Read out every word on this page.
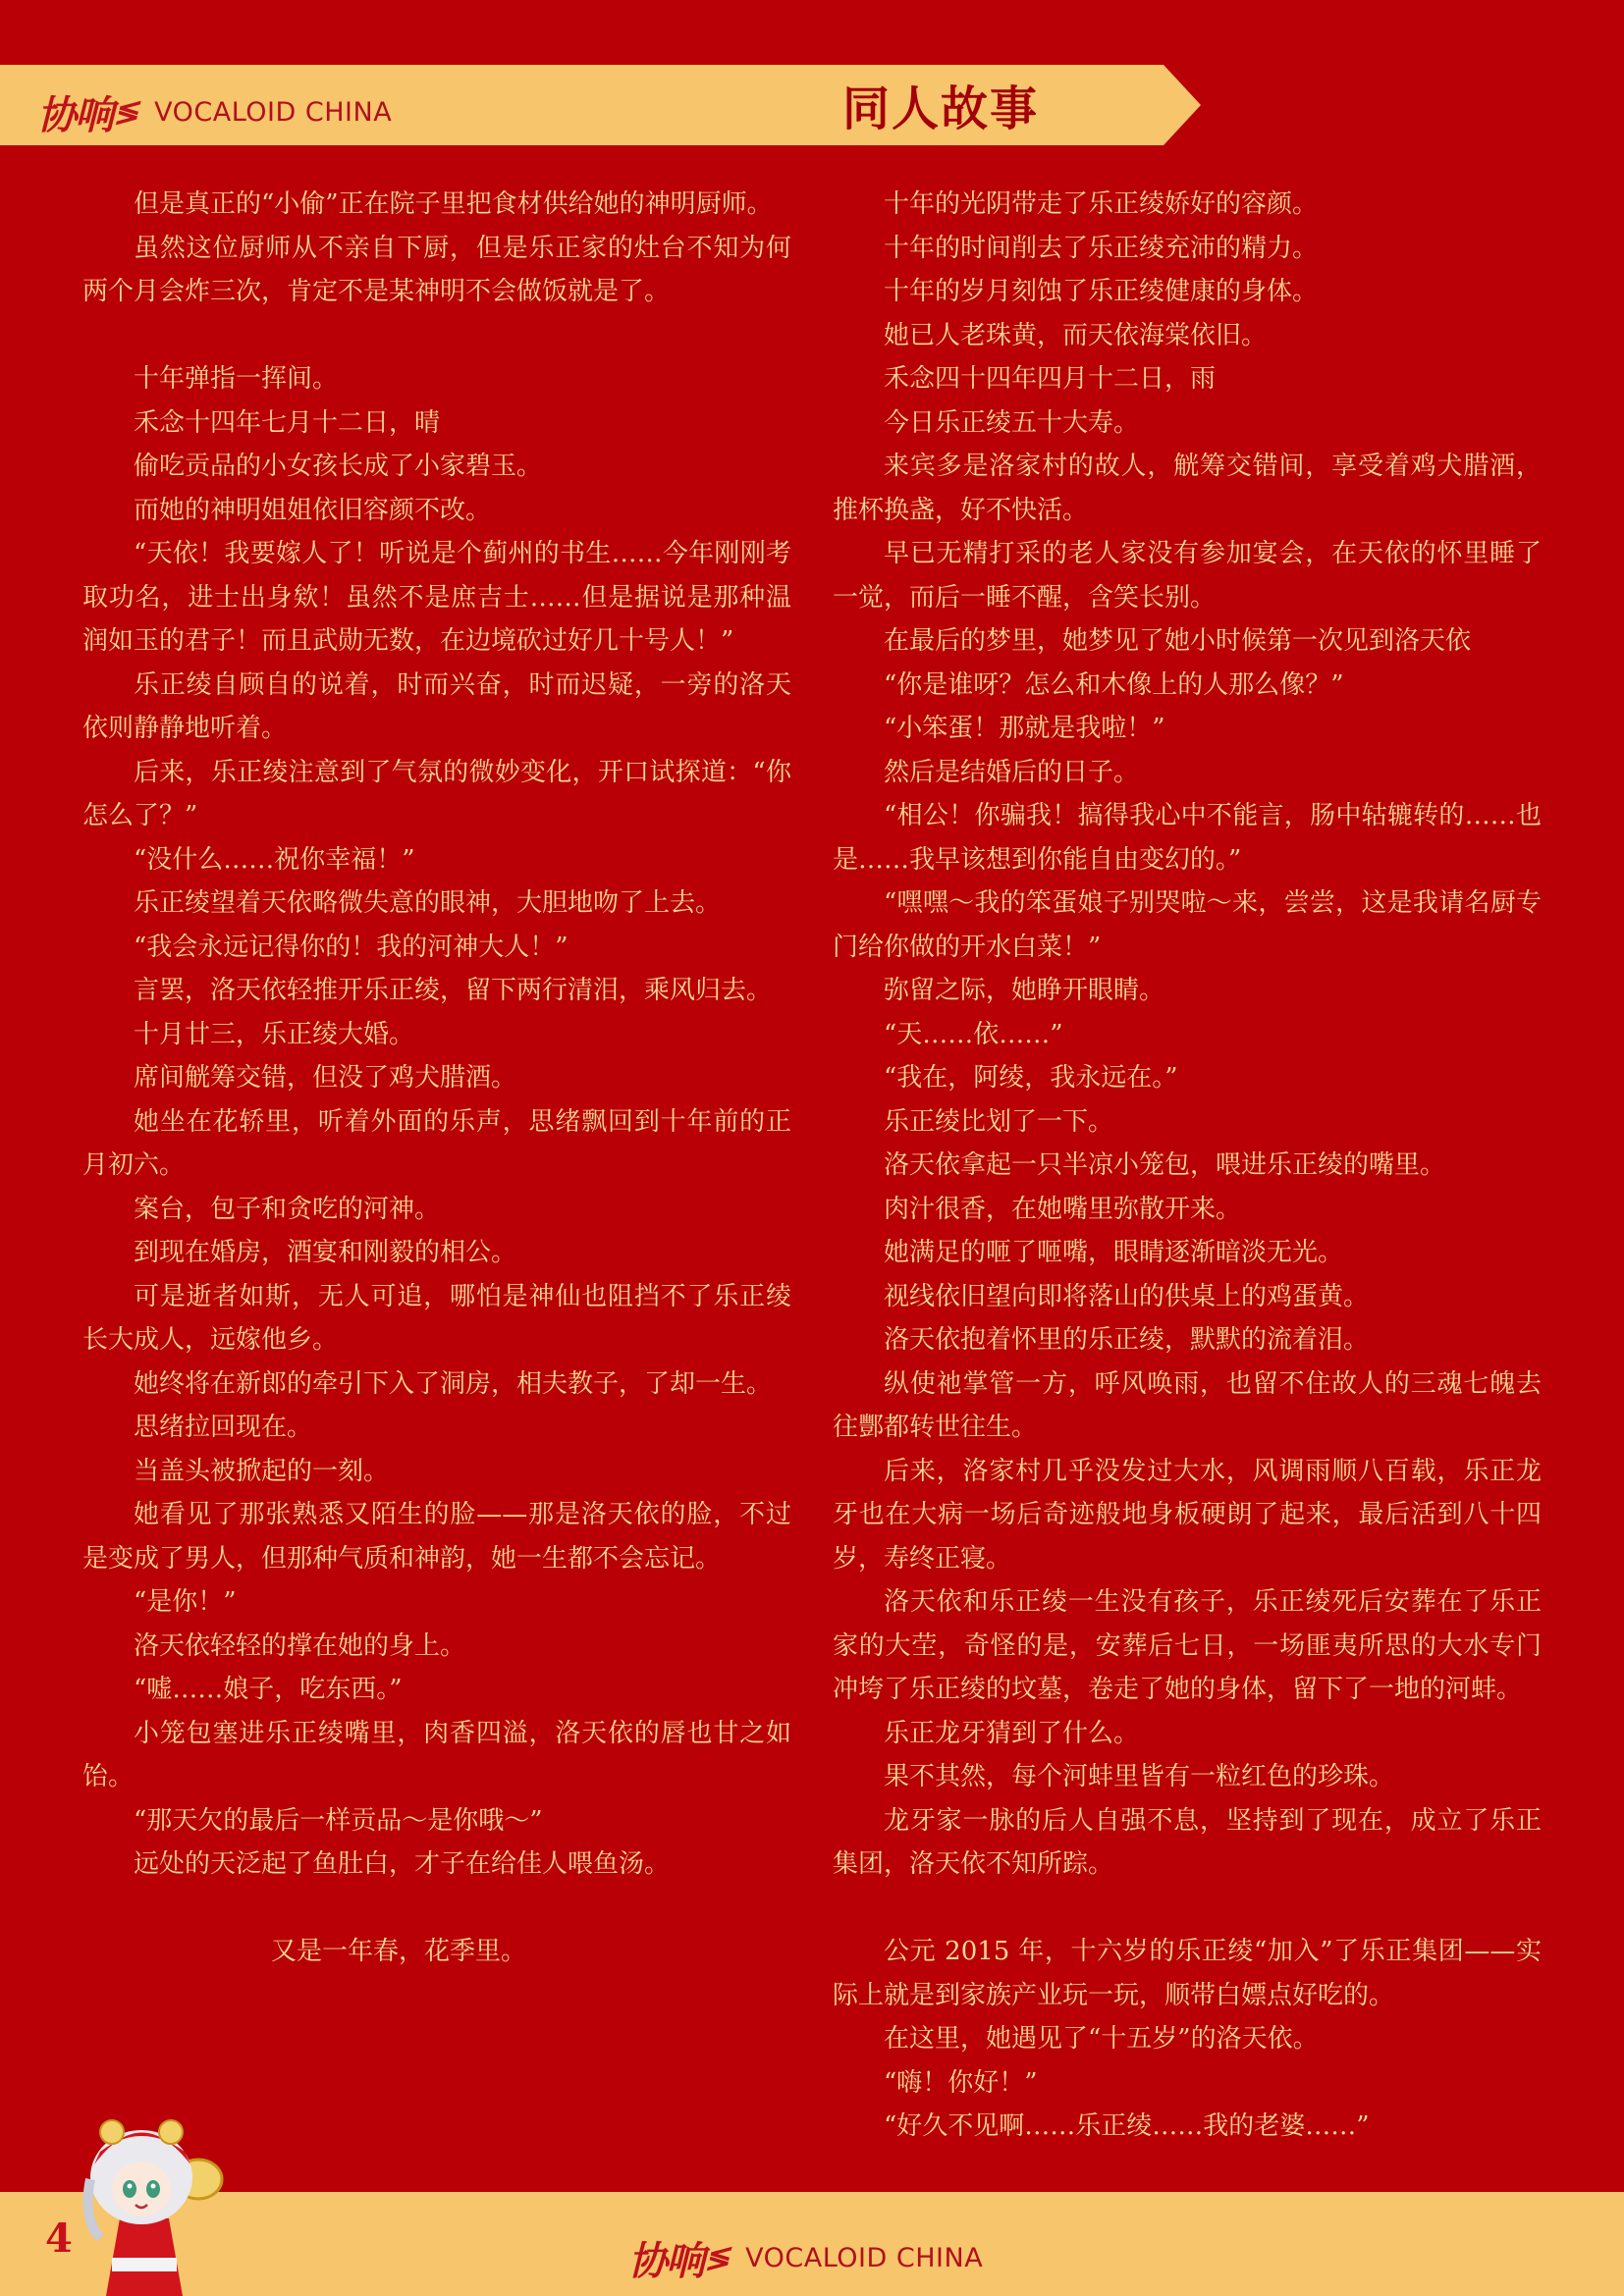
协响 ≶ VOCALOID CHINA	同人故事

但是真正的“小偷”正在院子里把食材供给她的神明厨师。

虽然这位厨师从不亲自下厨，但是乐正家的灶台不知为何两个月会炸三次，肯定不是某神明不会做饭就是了。

十年弹指一挥间。

禾念十四年七月十二日，晴

偷吃贡品的小女孩长成了小家碧玉。

而她的神明姐姐依旧容颜不改。

“天依！我要嫁人了！听说是个蓟州的书生……今年刚刚考取功名，进士出身欸！虽然不是庶吉士……但是据说是那种温润如玉的君子！而且武勋无数，在边境砍过好几十号人！”

乐正绫自顾自的说着，时而兴奋，时而迟疑，一旁的洛天依则静静地听着。

后来，乐正绫注意到了气氛的微妙变化，开口试探道：“你怎么了？”

“没什么……祝你幸福！”

乐正绫望着天依略微失意的眼神，大胆地吻了上去。

“我会永远记得你的！我的河神大人！”

言罢，洛天依轻推开乐正绫，留下两行清泪，乘风归去。

十月廿三，乐正绫大婚。

席间觥筹交错，但没了鸡犬腊酒。

她坐在花轿里，听着外面的乐声，思绪飘回到十年前的正月初六。

案台，包子和贪吃的河神。

到现在婚房，酒宴和刚毅的相公。

可是逝者如斯，无人可追，哪怕是神仙也阻挡不了乐正绫长大成人，远嫁他乡。

她终将在新郎的牵引下入了洞房，相夫教子，了却一生。

思绪拉回现在。

当盖头被掀起的一刻。

她看见了那张熟悉又陌生的脸——那是洛天依的脸，不过是变成了男人，但那种气质和神韵，她一生都不会忘记。

“是你！”

洛天依轻轻的撑在她的身上。

“嘘……娘子，吃东西。”

小笼包塞进乐正绫嘴里，肉香四溢，洛天依的唇也甘之如饴。

“那天欠的最后一样贡品～是你哦～”

远处的天泛起了鱼肚白，才子在给佳人喂鱼汤。

又是一年春，花季里。

十年的光阴带走了乐正绫娇好的容颜。

十年的时间削去了乐正绫充沛的精力。

十年的岁月刻蚀了乐正绫健康的身体。

她已人老珠黄，而天依海棠依旧。

禾念四十四年四月十二日，雨

今日乐正绫五十大寿。

来宾多是洛家村的故人，觥筹交错间，享受着鸡犬腊酒，推杯换盏，好不快活。

早已无精打采的老人家没有参加宴会，在天依的怀里睡了一觉，而后一睡不醒，含笑长别。

在最后的梦里，她梦见了她小时候第一次见到洛天依

“你是谁呀？怎么和木像上的人那么像？”

“小笨蛋！那就是我啦！”

然后是结婚后的日子。

“相公！你骗我！搞得我心中不能言，肠中轱辘转的……也是……我早该想到你能自由变幻的。”

“嘿嘿～我的笨蛋娘子别哭啦～来，尝尝，这是我请名厨专门给你做的开水白菜！”

弥留之际，她睁开眼睛。

“天……依……”

“我在，阿绫，我永远在。”

乐正绫比划了一下。

洛天依拿起一只半凉小笼包，喂进乐正绫的嘴里。

肉汁很香，在她嘴里弥散开来。

她满足的咂了咂嘴，眼睛逐渐暗淡无光。

视线依旧望向即将落山的供桌上的鸡蛋黄。

洛天依抱着怀里的乐正绫，默默的流着泪。

纵使祂掌管一方，呼风唤雨，也留不住故人的三魂七魄去往酆都转世往生。

后来，洛家村几乎没发过大水，风调雨顺八百载，乐正龙牙也在大病一场后奇迹般地身板硬朗了起来，最后活到八十四岁，寿终正寝。

洛天依和乐正绫一生没有孩子，乐正绫死后安葬在了乐正家的大茔，奇怪的是，安葬后七日，一场匪夷所思的大水专门冲垮了乐正绫的坟墓，卷走了她的身体，留下了一地的河蚌。

乐正龙牙猜到了什么。

果不其然，每个河蚌里皆有一粒红色的珍珠。

龙牙家一脉的后人自强不息，坚持到了现在，成立了乐正集团，洛天依不知所踪。

公元 2015 年，十六岁的乐正绫“加入”了乐正集团——实际上就是到家族产业玩一玩，顺带白嫖点好吃的。

在这里，她遇见了“十五岁”的洛天依。

“嗨！你好！”

“好久不见啊……乐正绫……我的老婆……”

4	协响 ≶ VOCALOID CHINA
